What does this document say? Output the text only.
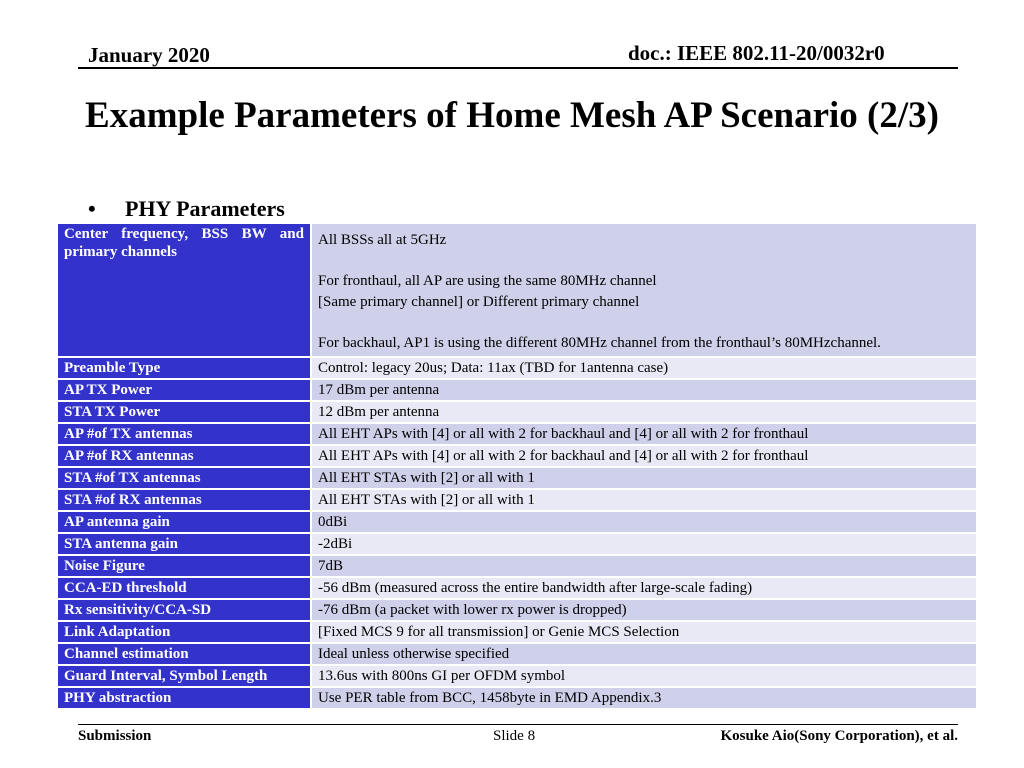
January 2020	doc.: IEEE 802.11-20/0032r0
Example Parameters of Home Mesh AP Scenario (2/3)
• PHY Parameters
Center frequency, BSS BW and primary channels	All BSSs all at 5GHz

For fronthaul, all AP are using the same 80MHz channel
[Same primary channel] or Different primary channel

For backhaul, AP1 is using the different 80MHz channel from the fronthaul’s 80MHzchannel.

Preamble Type	Control: legacy 20us; Data: 11ax (TBD for 1antenna case)
AP TX Power	17 dBm per antenna
STA TX Power	12 dBm per antenna
AP #of TX antennas	All EHT APs with [4] or all with 2 for backhaul and [4] or all with 2 for fronthaul
AP #of RX antennas	All EHT APs with [4] or all with 2 for backhaul and [4] or all with 2 for fronthaul
STA #of TX antennas	All EHT STAs with [2] or all with 1
STA #of RX antennas	All EHT STAs with [2] or all with 1
AP antenna gain	0dBi
STA antenna gain	-2dBi
Noise Figure	7dB
CCA-ED threshold	-56 dBm (measured across the entire bandwidth after large-scale fading)
Rx sensitivity/CCA-SD	-76 dBm (a packet with lower rx power is dropped)
Link Adaptation	[Fixed MCS 9 for all transmission] or Genie MCS Selection
Channel estimation	Ideal unless otherwise specified
Guard Interval, Symbol Length	13.6us with 800ns GI per OFDM symbol
PHY abstraction	Use PER table from BCC, 1458byte in EMD Appendix.3
Submission	Slide 8	Kosuke Aio(Sony Corporation), et al.
